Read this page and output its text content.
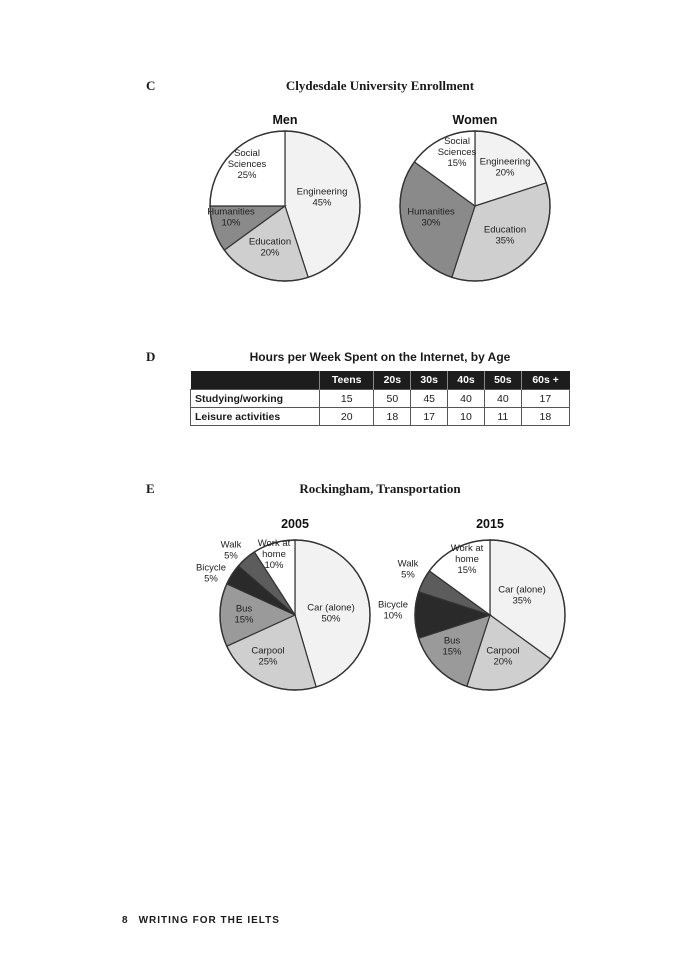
C	Clydesdale University Enrollment
D	Hours per Week Spent on the Internet, by Age
	Teens	20s	30s	40s	50s	60s +
Studying/working	15	50	45	40	40	17
Leisure activities	20	18	17	10	11	18
E	Rockingham, Transportation
Men
Engineering 45%
Education 20%
Humanities 10%
Social Sciences 25%
Women
Engineering 20%
Education 35%
Humanities 30%
Social Sciences 15%
2005
Car (alone) 50%
Carpool 25%
Bus 15%
Bicycle 5%
Walk 5%
Work at home 10%
2015
Car (alone) 35%
Carpool 20%
Bus 15%
Bicycle 10%
Walk 5%
Work at home 15%
8 WRITING FOR THE IELTS
